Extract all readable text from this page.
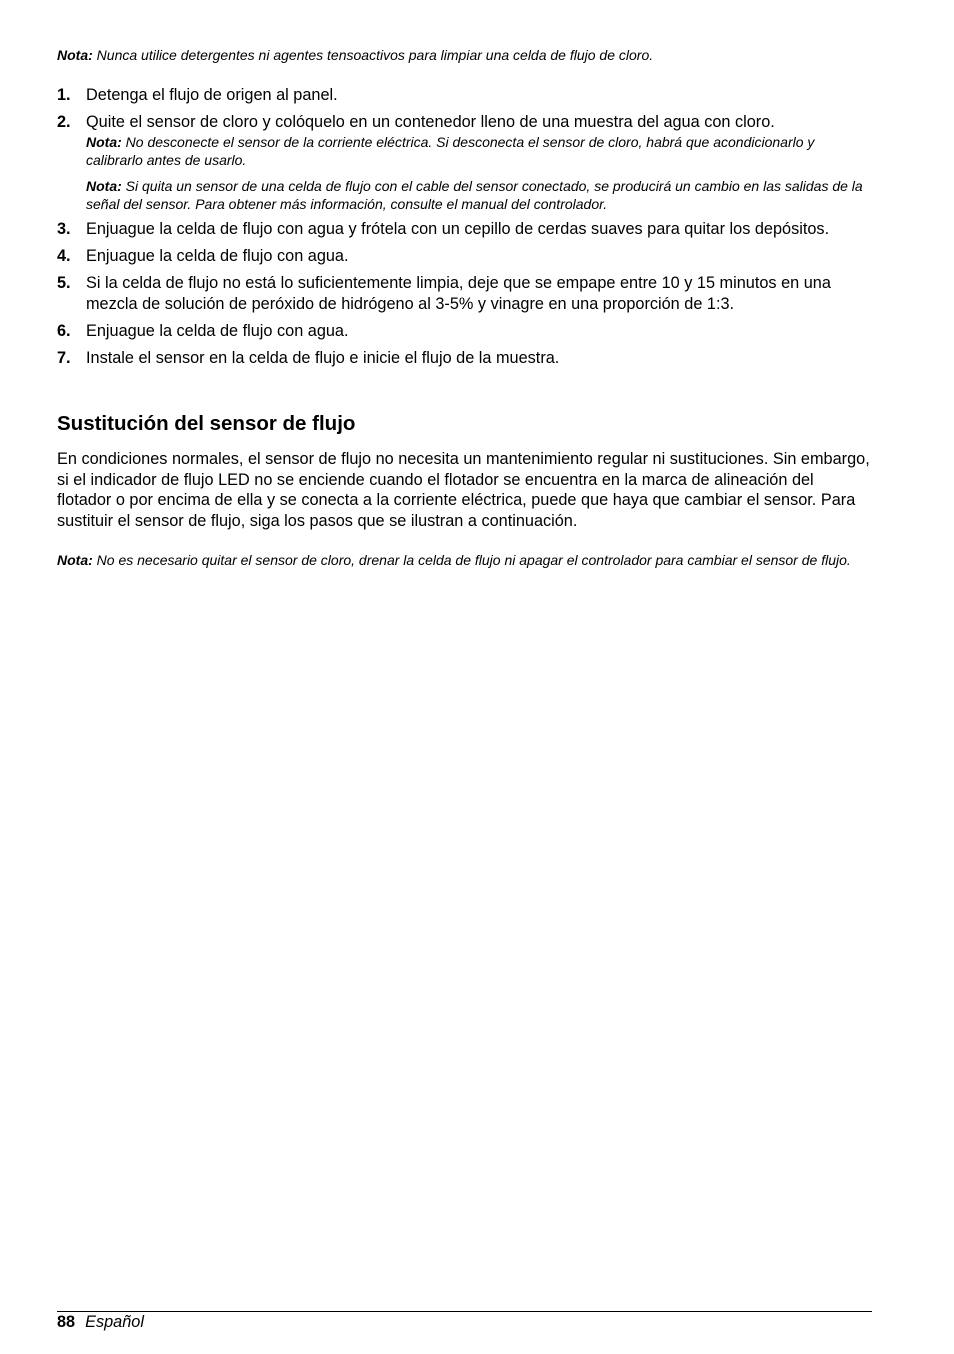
Nota: Nunca utilice detergentes ni agentes tensoactivos para limpiar una celda de flujo de cloro.
1. Detenga el flujo de origen al panel.
2. Quite el sensor de cloro y colóquelo en un contenedor lleno de una muestra del agua con cloro.
Nota: No desconecte el sensor de la corriente eléctrica. Si desconecta el sensor de cloro, habrá que acondicionarlo y calibrarlo antes de usarlo.
Nota: Si quita un sensor de una celda de flujo con el cable del sensor conectado, se producirá un cambio en las salidas de la señal del sensor. Para obtener más información, consulte el manual del controlador.
3. Enjuague la celda de flujo con agua y frótela con un cepillo de cerdas suaves para quitar los depósitos.
4. Enjuague la celda de flujo con agua.
5. Si la celda de flujo no está lo suficientemente limpia, deje que se empape entre 10 y 15 minutos en una mezcla de solución de peróxido de hidrógeno al 3-5% y vinagre en una proporción de 1:3.
6. Enjuague la celda de flujo con agua.
7. Instale el sensor en la celda de flujo e inicie el flujo de la muestra.
Sustitución del sensor de flujo

En condiciones normales, el sensor de flujo no necesita un mantenimiento regular ni sustituciones. Sin embargo, si el indicador de flujo LED no se enciende cuando el flotador se encuentra en la marca de alineación del flotador o por encima de ella y se conecta a la corriente eléctrica, puede que haya que cambiar el sensor. Para sustituir el sensor de flujo, siga los pasos que se ilustran a continuación.

Nota: No es necesario quitar el sensor de cloro, drenar la celda de flujo ni apagar el controlador para cambiar el sensor de flujo.
88 Español
